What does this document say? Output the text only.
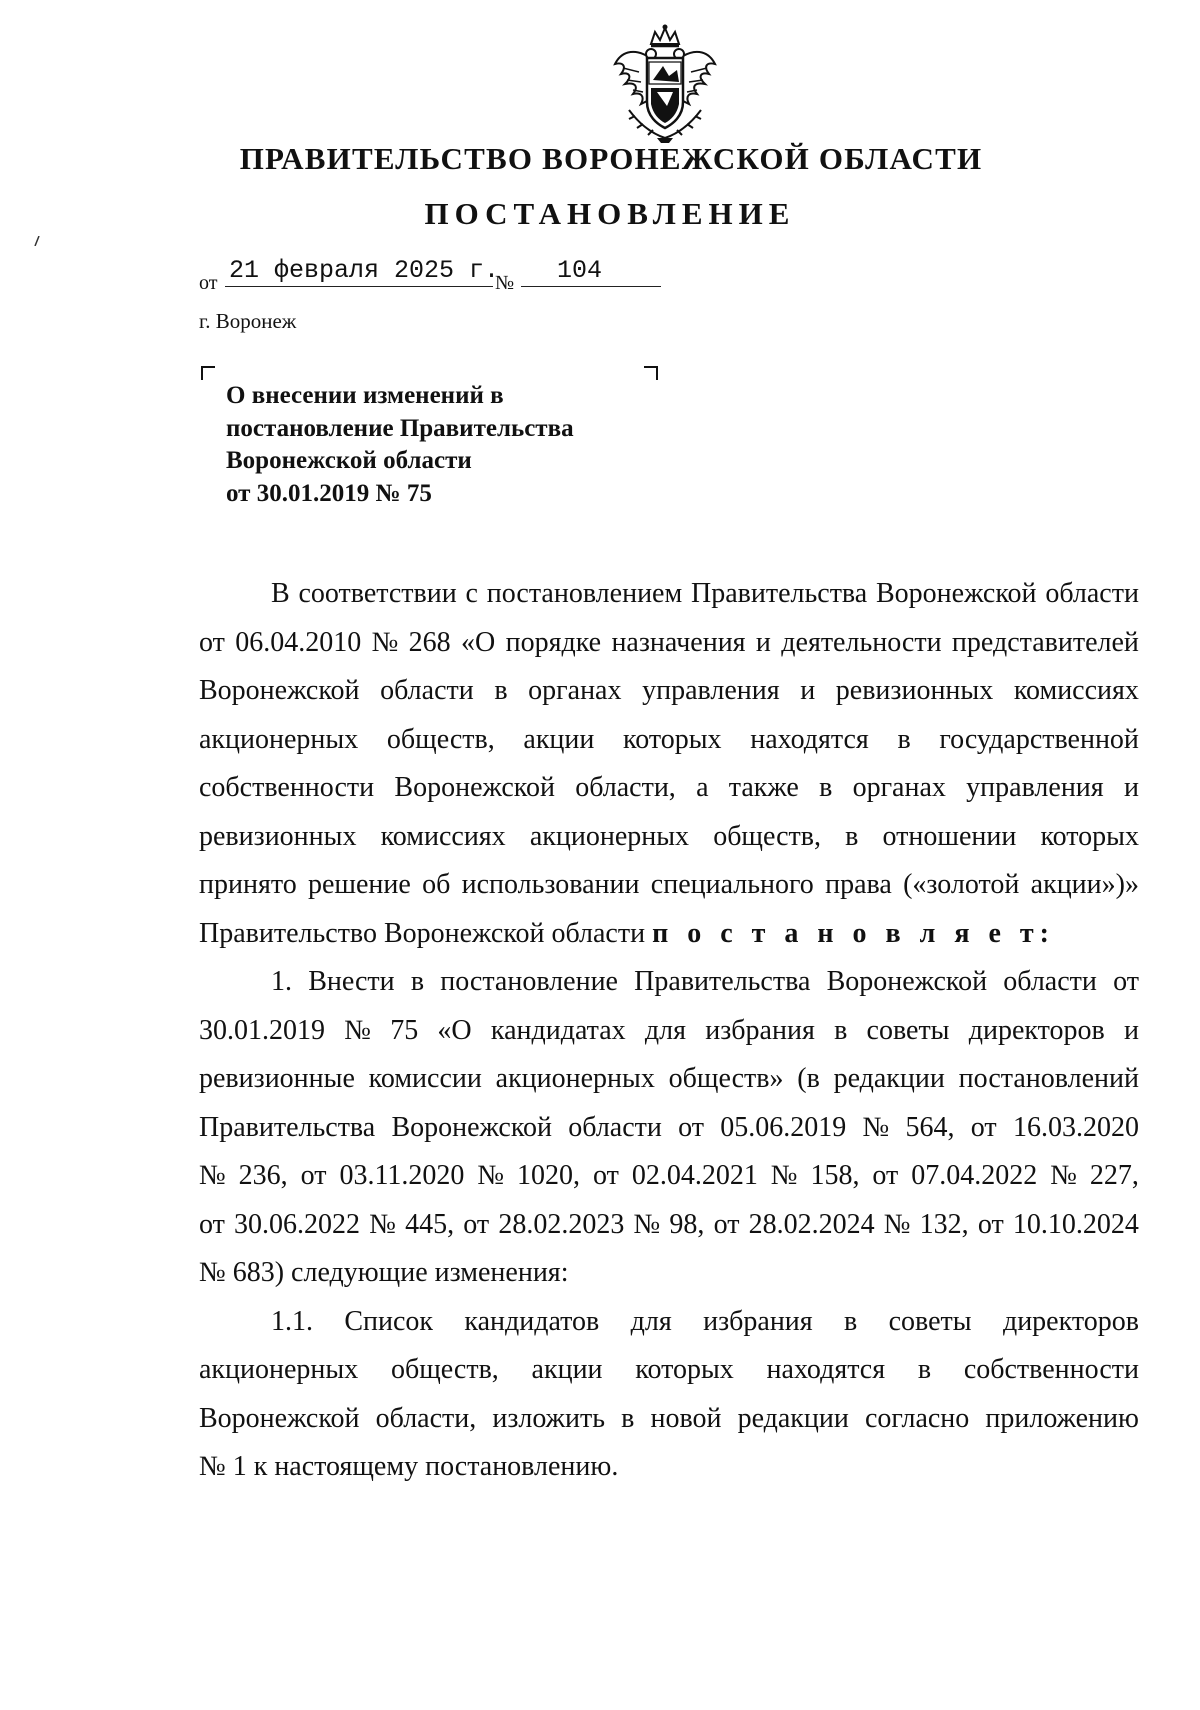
ПРАВИТЕЛЬСТВО ВОРОНЕЖСКОЙ ОБЛАСТИ
ПОСТАНОВЛЕНИЕ
от 21 февраля 2025 г.
№ 104
г. Воронеж
О внесении изменений в
постановление Правительства
Воронежской области
от 30.01.2019 № 75
В соответствии с постановлением Правительства Воронежской области
от 06.04.2010 № 268 «О порядке назначения и деятельности представителей
Воронежской области в органах управления и ревизионных комиссиях
акционерных обществ, акции которых находятся в государственной
собственности Воронежской области, а также в органах управления и
ревизионных комиссиях акционерных обществ, в отношении которых
принято решение об использовании специального права («золотой акции»)»
Правительство Воронежской области
п о с т а н о в л я е т:
1. Внести в постановление Правительства Воронежской области от
30.01.2019 № 75 «О кандидатах для избрания в советы директоров и
ревизионные комиссии акционерных обществ» (в редакции постановлений
Правительства Воронежской области от 05.06.2019 № 564, от 16.03.2020
№ 236, от 03.11.2020 № 1020, от 02.04.2021 № 158, от 07.04.2022 № 227,
от 30.06.2022 № 445, от 28.02.2023 № 98, от 28.02.2024 № 132, от 10.10.2024
№ 683) следующие изменения:
1.1. Список кандидатов для избрания в советы директоров
акционерных обществ, акции которых находятся в собственности
Воронежской области, изложить в новой редакции согласно приложению
№ 1 к настоящему постановлению.
